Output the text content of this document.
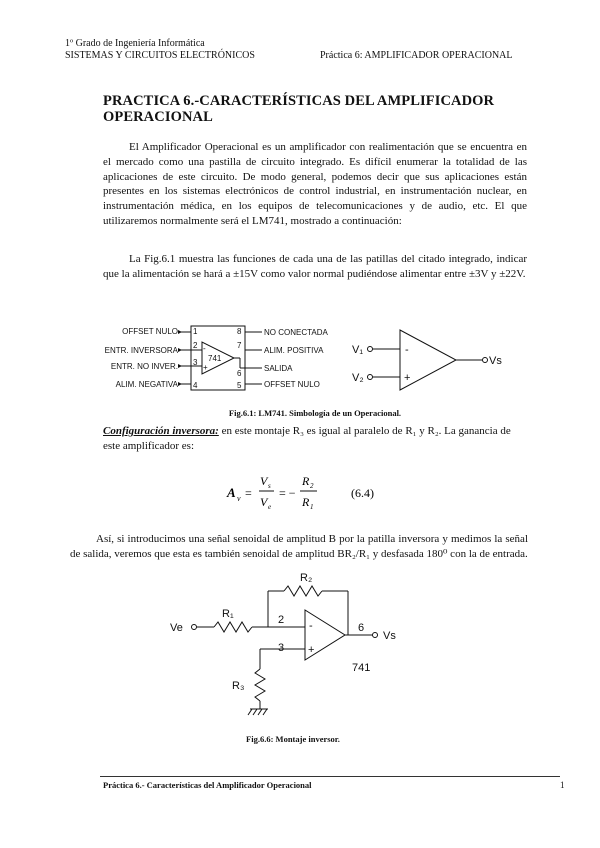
1º Grado de Ingeniería Informática
SISTEMAS Y CIRCUITOS ELECTRÓNICOS	Práctica 6: AMPLIFICADOR OPERACIONAL
PRACTICA 6.-CARACTERÍSTICAS DEL AMPLIFICADOR OPERACIONAL

El Amplificador Operacional es un amplificador con realimentación que se encuentra en el mercado como una pastilla de circuito integrado. Es difícil enumerar la totalidad de las aplicaciones de este circuito. De modo general, podemos decir que sus aplicaciones están presentes en los sistemas electrónicos de control industrial, en instrumentación nuclear, en instrumentación médica, en los equipos de telecomunicaciones y de audio, etc. El que utilizaremos normalmente será el LM741, mostrado a continuación:

La Fig.6.1 muestra las funciones de cada una de las patillas del citado integrado, indicar que la alimentación se hará a ±15V como valor normal pudiéndose alimentar entre ±3V y ±22V.

741
-
+
1
2
3
4
OFFSET NULO
ENTR. INVERSORA
ENTR. NO INVER.
ALIM. NEGATIVA
8
7
6
5
NO CONECTADA
ALIM. POSITIVA
SALIDA
OFFSET NULO
V₁
V₂
Vs
-
+
Fig.6.1: LM741. Simbología de un Operacional.

Configuración inversora: en este montaje R₃ es igual al paralelo de R₁ y R₂. La ganancia de este amplificador es:

A v =
V s
V e
= −
R 2
R 1
(6.4)

Así, si introducimos una señal senoidal de amplitud B por la patilla inversora y medimos la señal de salida, veremos que esta es también senoidal de amplitud BR₂/R₁ y desfasada 180⁰ con la de entrada.

Ve
R₁
R₂
-
+
2
3
R₃
6
Vs
741
Fig.6.6: Montaje inversor.
Práctica 6.- Características del Amplificador Operacional	1
